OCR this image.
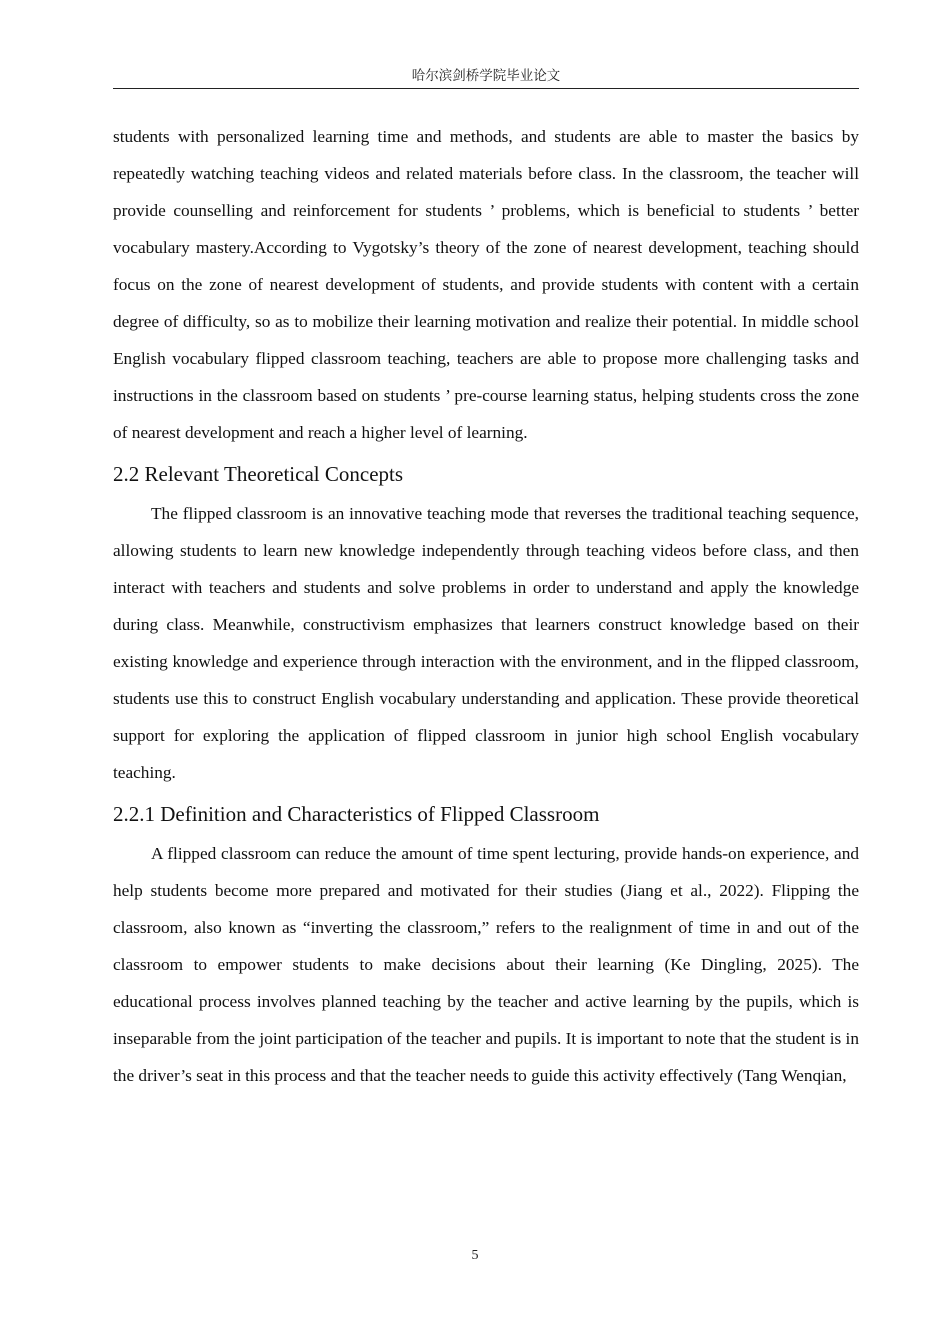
哈尔滨剑桥学院毕业论文

students with personalized learning time and methods, and students are able to master the basics by repeatedly watching teaching videos and related materials before class. In the classroom, the teacher will provide counselling and reinforcement for students ’ problems, which is beneficial to students ’ better vocabulary mastery.According to Vygotsky’s theory of the zone of nearest development, teaching should focus on the zone of nearest development of students, and provide students with content with a certain degree of difficulty, so as to mobilize their learning motivation and realize their potential. In middle school English vocabulary flipped classroom teaching, teachers are able to propose more challenging tasks and instructions in the classroom based on students ’ pre-course learning status, helping students cross the zone of nearest development and reach a higher level of learning.

2.2 Relevant Theoretical Concepts

The flipped classroom is an innovative teaching mode that reverses the traditional teaching sequence, allowing students to learn new knowledge independently through teaching videos before class, and then interact with teachers and students and solve problems in order to understand and apply the knowledge during class. Meanwhile, constructivism emphasizes that learners construct knowledge based on their existing knowledge and experience through interaction with the environment, and in the flipped classroom, students use this to construct English vocabulary understanding and application. These provide theoretical support for exploring the application of flipped classroom in junior high school English vocabulary teaching.

2.2.1 Definition and Characteristics of Flipped Classroom

A flipped classroom can reduce the amount of time spent lecturing, provide hands-on experience, and help students become more prepared and motivated for their studies (Jiang et al., 2022). Flipping the classroom, also known as “inverting the classroom,” refers to the realignment of time in and out of the classroom to empower students to make decisions about their learning (Ke Dingling, 2025). The educational process involves planned teaching by the teacher and active learning by the pupils, which is inseparable from the joint participation of the teacher and pupils. It is important to note that the student is in the driver’s seat in this process and that the teacher needs to guide this activity effectively (Tang Wenqian,

5
